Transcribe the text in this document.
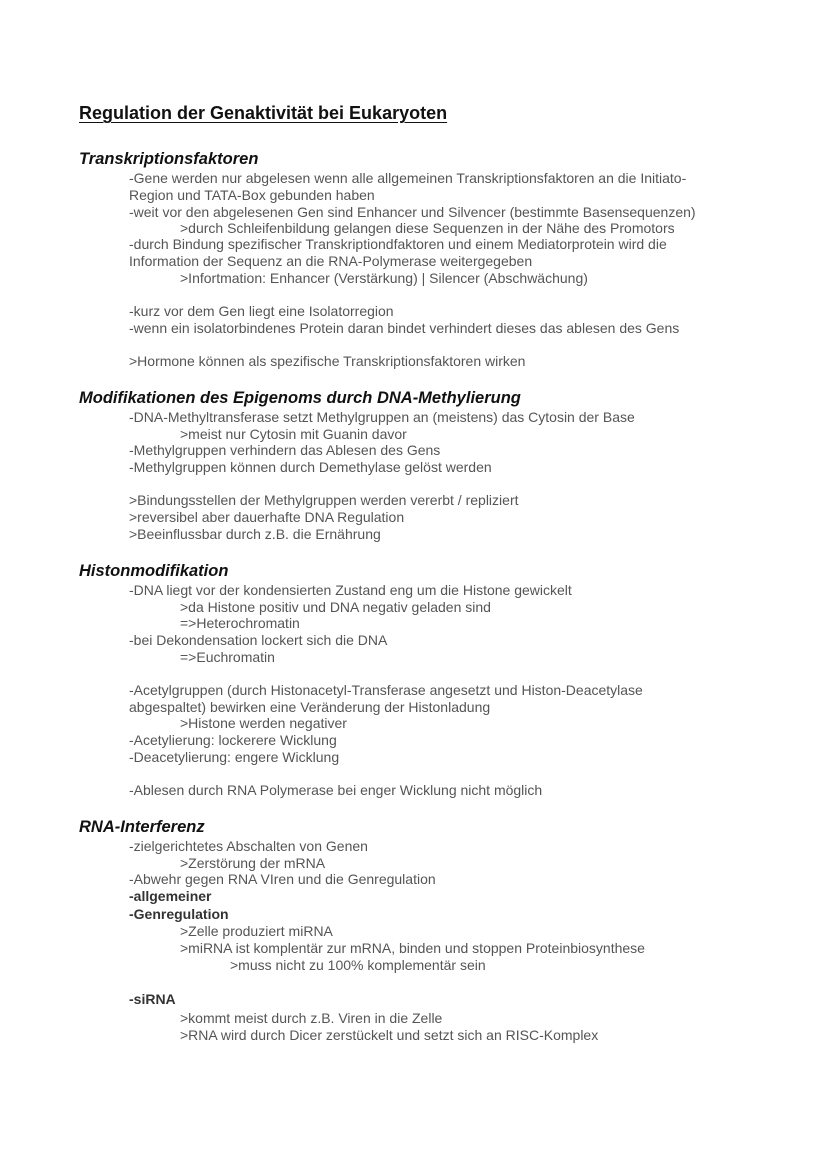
Regulation der Genaktivität bei Eukaryoten
Transkriptionsfaktoren
-Gene werden nur abgelesen wenn alle allgemeinen Transkriptionsfaktoren an die Initiato-
Region und TATA-Box gebunden haben
-weit vor den abgelesenen Gen sind Enhancer und Silvencer (bestimmte Basensequenzen)
>durch Schleifenbildung gelangen diese Sequenzen in der Nähe des Promotors
-durch Bindung spezifischer Transkriptiondfaktoren und einem Mediatorprotein wird die
Information der Sequenz an die RNA-Polymerase weitergegeben
>Infortmation: Enhancer (Verstärkung) | Silencer (Abschwächung)
-kurz vor dem Gen liegt eine Isolatorregion
-wenn ein isolatorbindenes Protein daran bindet verhindert dieses das ablesen des Gens
>Hormone können als spezifische Transkriptionsfaktoren wirken
Modifikationen des Epigenoms durch DNA-Methylierung
-DNA-Methyltransferase setzt Methylgruppen an (meistens) das Cytosin der Base
>meist nur Cytosin mit Guanin davor
-Methylgruppen verhindern das Ablesen des Gens
-Methylgruppen können durch Demethylase gelöst werden
>Bindungsstellen der Methylgruppen werden vererbt / repliziert
>reversibel aber dauerhafte DNA Regulation
>Beeinflussbar durch z.B. die Ernährung
Histonmodifikation
-DNA liegt vor der kondensierten Zustand eng um die Histone gewickelt
>da Histone positiv und DNA negativ geladen sind
=>Heterochromatin
-bei Dekondensation lockert sich die DNA
=>Euchromatin
-Acetylgruppen (durch Histonacetyl-Transferase angesetzt und Histon-Deacetylase
abgespaltet) bewirken eine Veränderung der Histonladung
>Histone werden negativer
-Acetylierung: lockerere Wicklung
-Deacetylierung: engere Wicklung
-Ablesen durch RNA Polymerase bei enger Wicklung nicht möglich
RNA-Interferenz
-zielgerichtetes Abschalten von Genen
>Zerstörung der mRNA
-Abwehr gegen RNA VIren und die Genregulation
-allgemeiner
-Genregulation
>Zelle produziert miRNA
>miRNA ist komplentär zur mRNA, binden und stoppen Proteinbiosynthese
>muss nicht zu 100% komplementär sein
-siRNA
>kommt meist durch z.B. Viren in die Zelle
>RNA wird durch Dicer zerstückelt und setzt sich an RISC-Komplex
